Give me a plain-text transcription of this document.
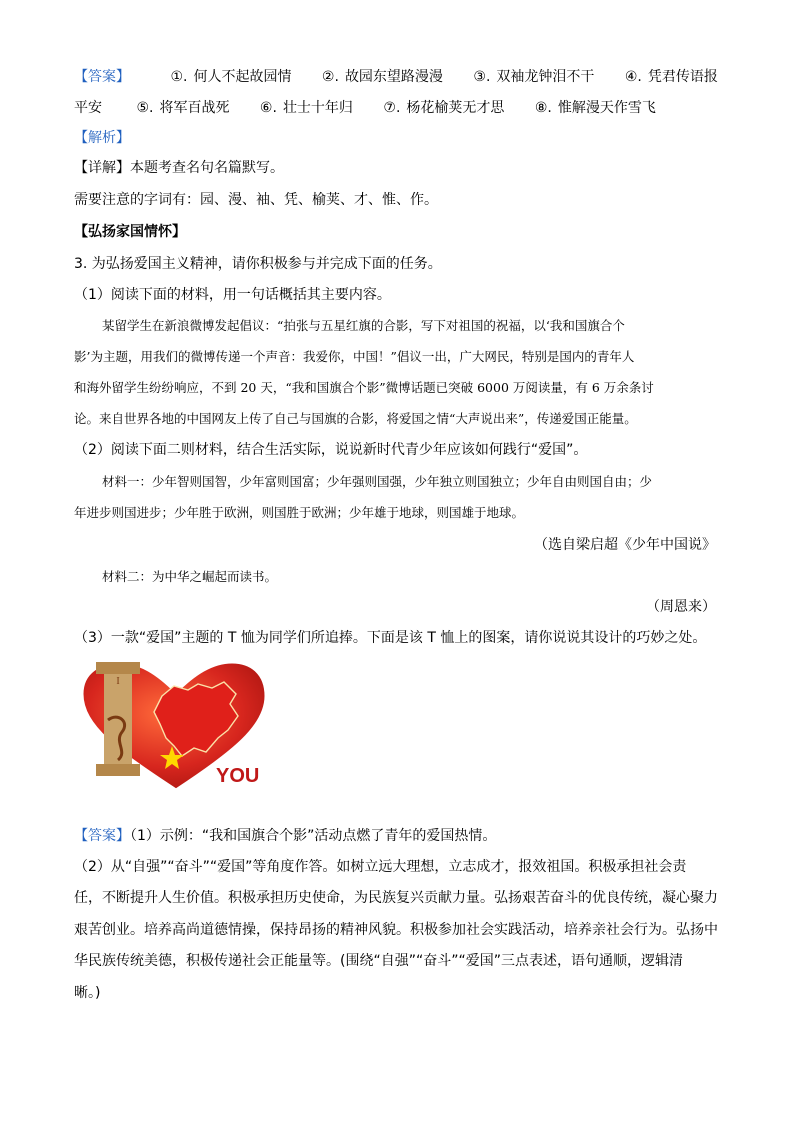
【答案】	①. 何人不起故园情 ②. 故园东望路漫漫 ③. 双袖龙钟泪不干 ④. 凭君传语报
平安 ⑤. 将军百战死 ⑥. 壮士十年归 ⑦. 杨花榆荚无才思 ⑧. 惟解漫天作雪飞
【解析】
【详解】本题考查名句名篇默写。
需要注意的字词有：园、漫、袖、凭、榆荚、才、惟、作。
【弘扬家国情怀】
3. 为弘扬爱国主义精神，请你积极参与并完成下面的任务。
（1）阅读下面的材料，用一句话概括其主要内容。
某留学生在新浪微博发起倡议：“拍张与五星红旗的合影，写下对祖国的祝福，以‘我和国旗合个
影’为主题，用我们的微博传递一个声音：我爱你，中国！”倡议一出，广大网民，特别是国内的青年人
和海外留学生纷纷响应，不到 20 天，“我和国旗合个影”微博话题已突破 6000 万阅读量，有 6 万余条讨
论。来自世界各地的中国网友上传了自己与国旗的合影，将爱国之情“大声说出来”，传递爱国正能量。
（2）阅读下面二则材料，结合生活实际，说说新时代青少年应该如何践行“爱国”。
材料一：少年智则国智，少年富则国富；少年强则国强，少年独立则国独立；少年自由则国自由；少
年进步则国进步；少年胜于欧洲，则国胜于欧洲；少年雄于地球，则国雄于地球。
（选自梁启超《少年中国说》
材料二：为中华之崛起而读书。
（周恩来）
（3）一款“爱国”主题的 T 恤为同学们所追捧。下面是该 T 恤上的图案，请你说说其设计的巧妙之处。
I
YOU
【答案】（1）示例：“我和国旗合个影”活动点燃了青年的爱国热情。
（2）从“自强”“奋斗”“爱国”等角度作答。如树立远大理想，立志成才，报效祖国。积极承担社会责
任，不断提升人生价值。积极承担历史使命，为民族复兴贡献力量。弘扬艰苦奋斗的优良传统，凝心聚力
艰苦创业。培养高尚道德情操，保持昂扬的精神风貌。积极参加社会实践活动，培养亲社会行为。弘扬中
华民族传统美德，积极传递社会正能量等。(围绕“自强”“奋斗”“爱国”三点表述，语句通顺，逻辑清
晰。)
